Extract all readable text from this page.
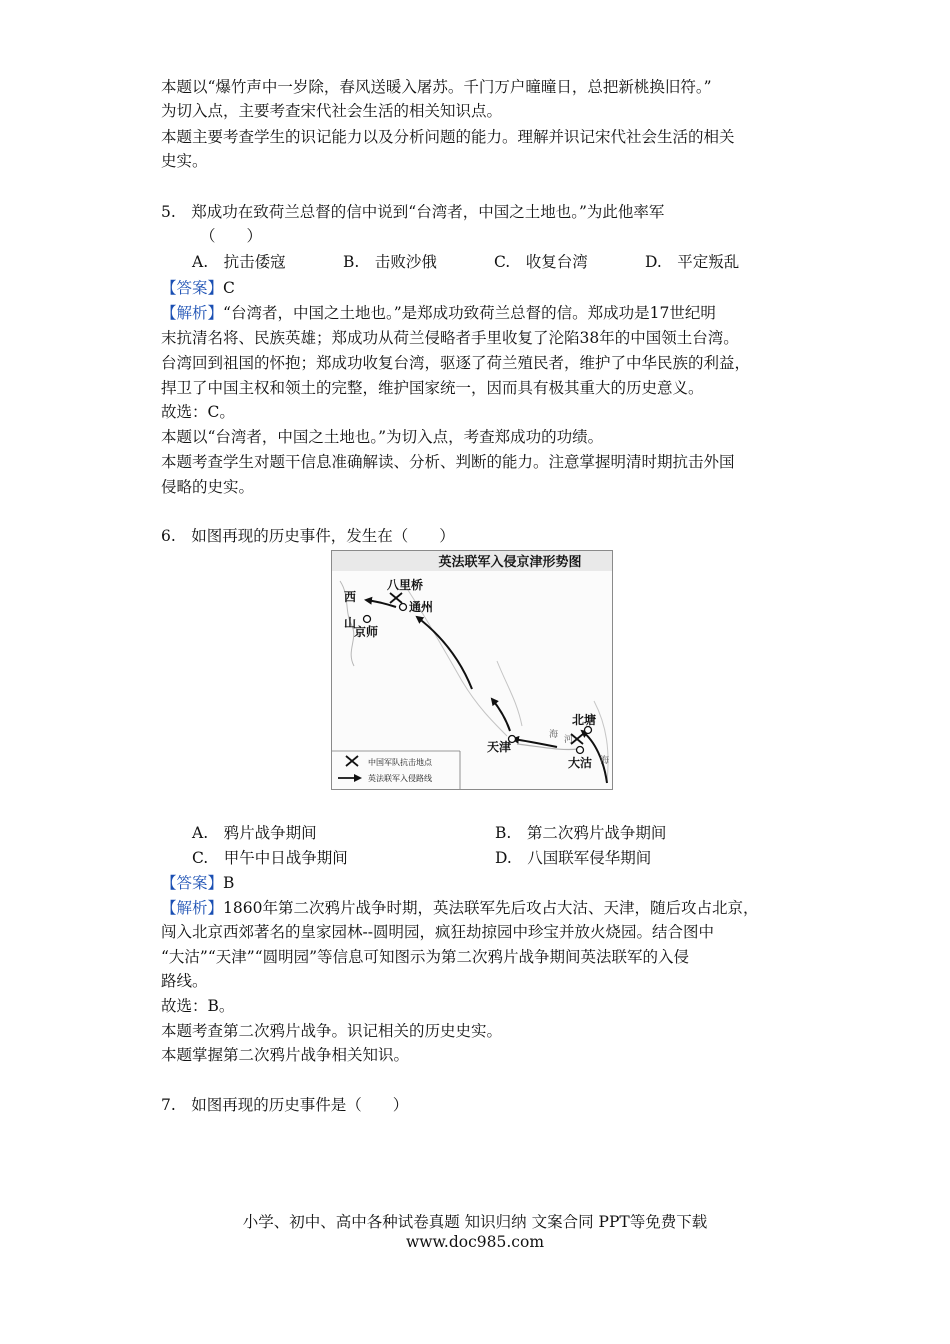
本题以“爆竹声中一岁除，春风送暖入屠苏。千门万户曈曈日，总把新桃换旧符。”
为切入点，主要考查宋代社会生活的相关知识点。
本题主要考查学生的识记能力以及分析问题的能力。理解并识记宋代社会生活的相关
史实。
5.　郑成功在致荷兰总督的信中说到“台湾者，中国之土地也。”为此他率军
（　　）
A.　抗击倭寇	B.　击败沙俄	C.　收复台湾	D.　平定叛乱
【答案】C
【解析】“台湾者，中国之土地也。”是郑成功致荷兰总督的信。郑成功是17世纪明
末抗清名将、民族英雄；郑成功从荷兰侵略者手里收复了沦陷38年的中国领土台湾。
台湾回到祖国的怀抱；郑成功收复台湾，驱逐了荷兰殖民者，维护了中华民族的利益，
捍卫了中国主权和领土的完整，维护国家统一，因而具有极其重大的历史意义。
故选：C。
本题以“台湾者，中国之土地也。”为切入点，考查郑成功的功绩。
本题考查学生对题干信息准确解读、分析、判断的能力。注意掌握明清时期抗击外国
侵略的史实。
6.　如图再现的历史事件，发生在（　　）
英法联军入侵京津形势图
西
山
八里桥
通州
京师
天津
海 河
北塘
大沽 海
中国军队抗击地点
英法联军入侵路线
A.　鸦片战争期间	B.　第二次鸦片战争期间
C.　甲午中日战争期间	D.　八国联军侵华期间
【答案】B
【解析】1860年第二次鸦片战争时期，英法联军先后攻占大沽、天津，随后攻占北京，
闯入北京西郊著名的皇家园林--圆明园，疯狂劫掠园中珍宝并放火烧园。结合图中
“大沽”“天津”“圆明园”等信息可知图示为第二次鸦片战争期间英法联军的入侵
路线。
故选：B。
本题考查第二次鸦片战争。识记相关的历史史实。
本题掌握第二次鸦片战争相关知识。
7.　如图再现的历史事件是（　　）
小学、初中、高中各种试卷真题 知识归纳 文案合同 PPT等免费下载
www.doc985.com
